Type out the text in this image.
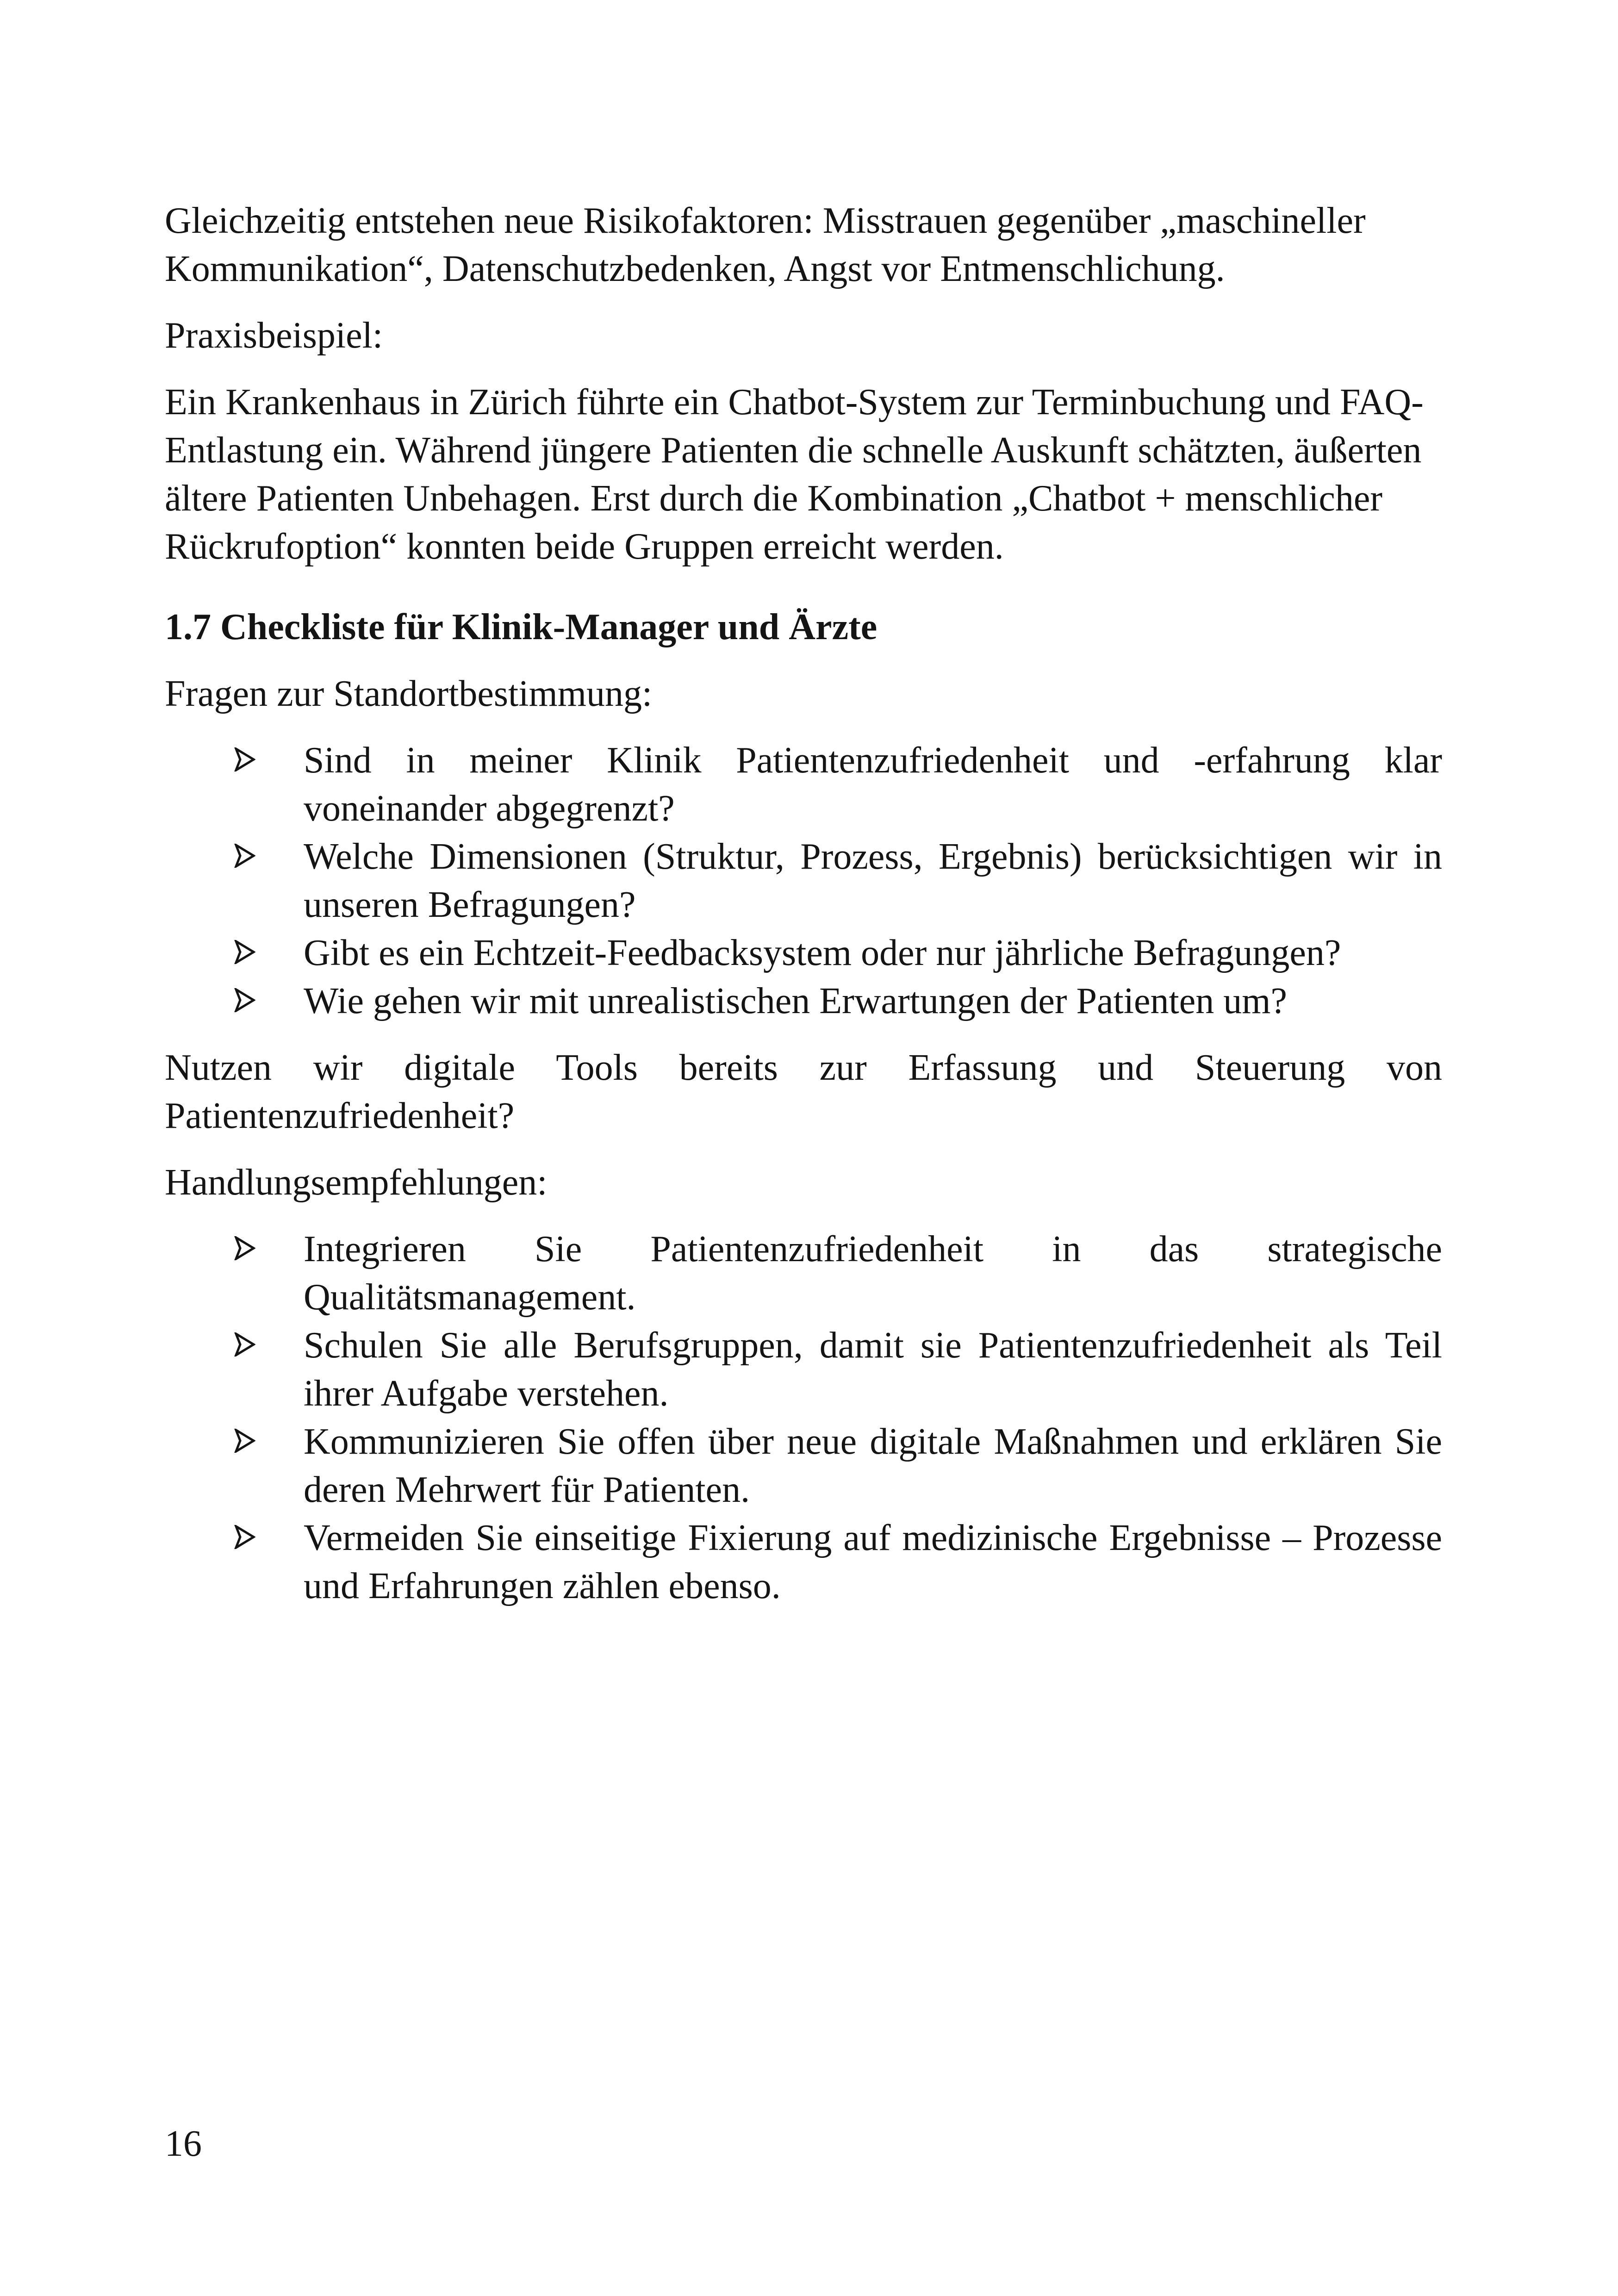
Gleichzeitig entstehen neue Risikofaktoren: Misstrauen gegenüber „maschineller Kommunikation“, Datenschutzbedenken, Angst vor Entmenschlichung.

Praxisbeispiel:

Ein Krankenhaus in Zürich führte ein Chatbot-System zur Terminbuchung und FAQ-Entlastung ein. Während jüngere Patienten die schnelle Auskunft schätzten, äußerten ältere Patienten Unbehagen. Erst durch die Kombination „Chatbot + menschlicher Rückrufoption“ konnten beide Gruppen erreicht werden.

1.7 Checkliste für Klinik-Manager und Ärzte

Fragen zur Standortbestimmung:

Sind in meiner Klinik Patientenzufriedenheit und -erfahrung klar voneinander abgegrenzt?
Welche Dimensionen (Struktur, Prozess, Ergebnis) berücksichtigen wir in unseren Befragungen?
Gibt es ein Echtzeit-Feedbacksystem oder nur jährliche Befragungen?
Wie gehen wir mit unrealistischen Erwartungen der Patienten um?

Nutzen wir digitale Tools bereits zur Erfassung und Steuerung von Patientenzufriedenheit?

Handlungsempfehlungen:

Integrieren Sie Patientenzufriedenheit in das strategische Qualitätsmanagement.
Schulen Sie alle Berufsgruppen, damit sie Patientenzufriedenheit als Teil ihrer Aufgabe verstehen.
Kommunizieren Sie offen über neue digitale Maßnahmen und erklären Sie deren Mehrwert für Patienten.
Vermeiden Sie einseitige Fixierung auf medizinische Ergebnisse – Prozesse und Erfahrungen zählen ebenso.
16
